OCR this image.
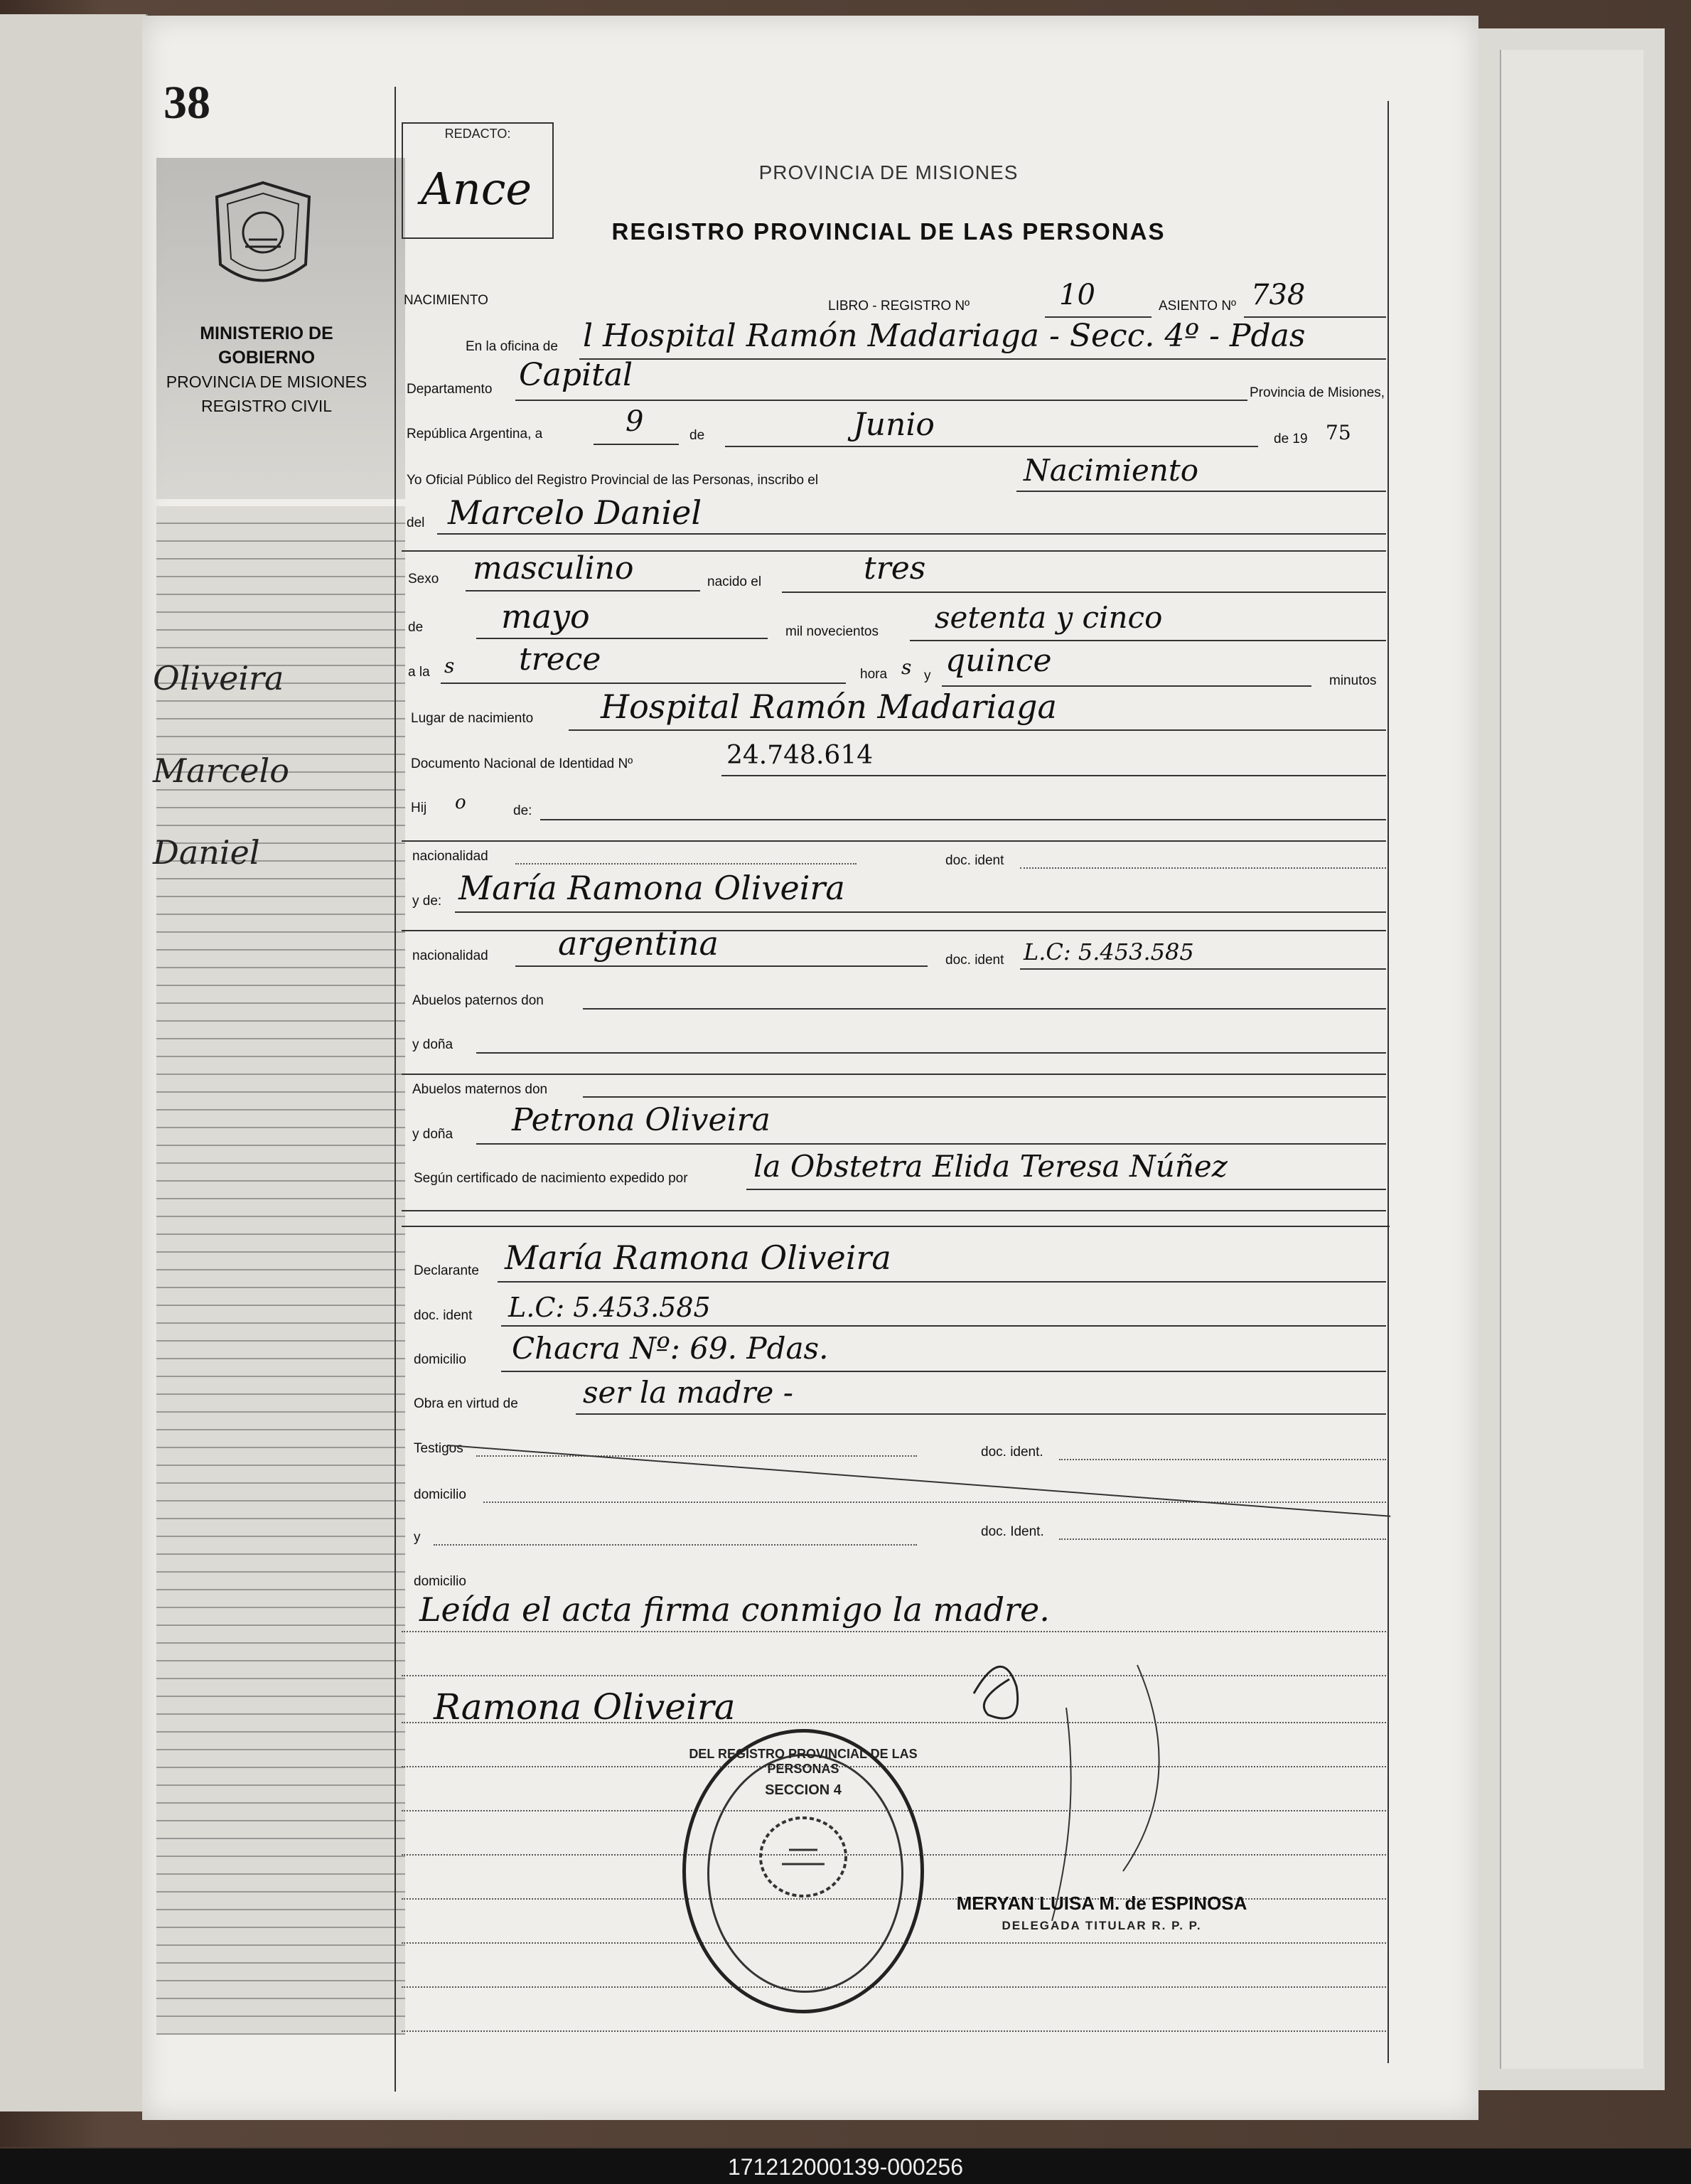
38
MINISTERIO DE GOBIERNO
PROVINCIA DE MISIONES
REGISTRO CIVIL
Oliveira
Marcelo
Daniel
REDACTO:
Ance	PROVINCIA DE MISIONES
REGISTRO PROVINCIAL DE LAS PERSONAS
NACIMIENTO	LIBRO - REGISTRO Nº	10	ASIENTO Nº 738
En la oficina de l Hospital Ramón Madariaga - Secc. 4º - Pdas
Departamento Capital	Provincia de Misiones,
República Argentina, a	9	de	Junio	de 19 75
Yo Oficial Público del Registro Provincial de las Personas, inscribo el	Nacimiento
del Marcelo Daniel
Sexo masculino	nacido el	tres
de mayo	mil novecientos setenta y cinco
a la s trece	hora s y quince
minutos
Lugar de nacimiento Hospital Ramón Madariaga
Documento Nacional de Identidad Nº	24.748.614
Hij o	de:
nacionalidad	doc. ident
y de: María Ramona Oliveira
nacionalidad argentina	doc. ident L.C: 5.453.585
Abuelos paternos don
y doña
Abuelos maternos don
y doña Petrona Oliveira
Según certificado de nacimiento expedido por la Obstetra Elida Teresa Núñez
Declarante María Ramona Oliveira
doc. ident L.C: 5.453.585
domicilio Chacra Nº: 69. Pdas.
Obra en virtud de ser la madre -
Testigos	doc. ident.
domicilio
y	doc. Ident.
domicilio
Leída el acta firma conmigo la madre.
Ramona Oliveira
DEL REGISTRO PROVINCIAL DE LAS PERSONAS
SECCION 4
MERYAN LUISA M. de ESPINOSA
DELEGADA TITULAR R. P. P.
171212000139-000256
